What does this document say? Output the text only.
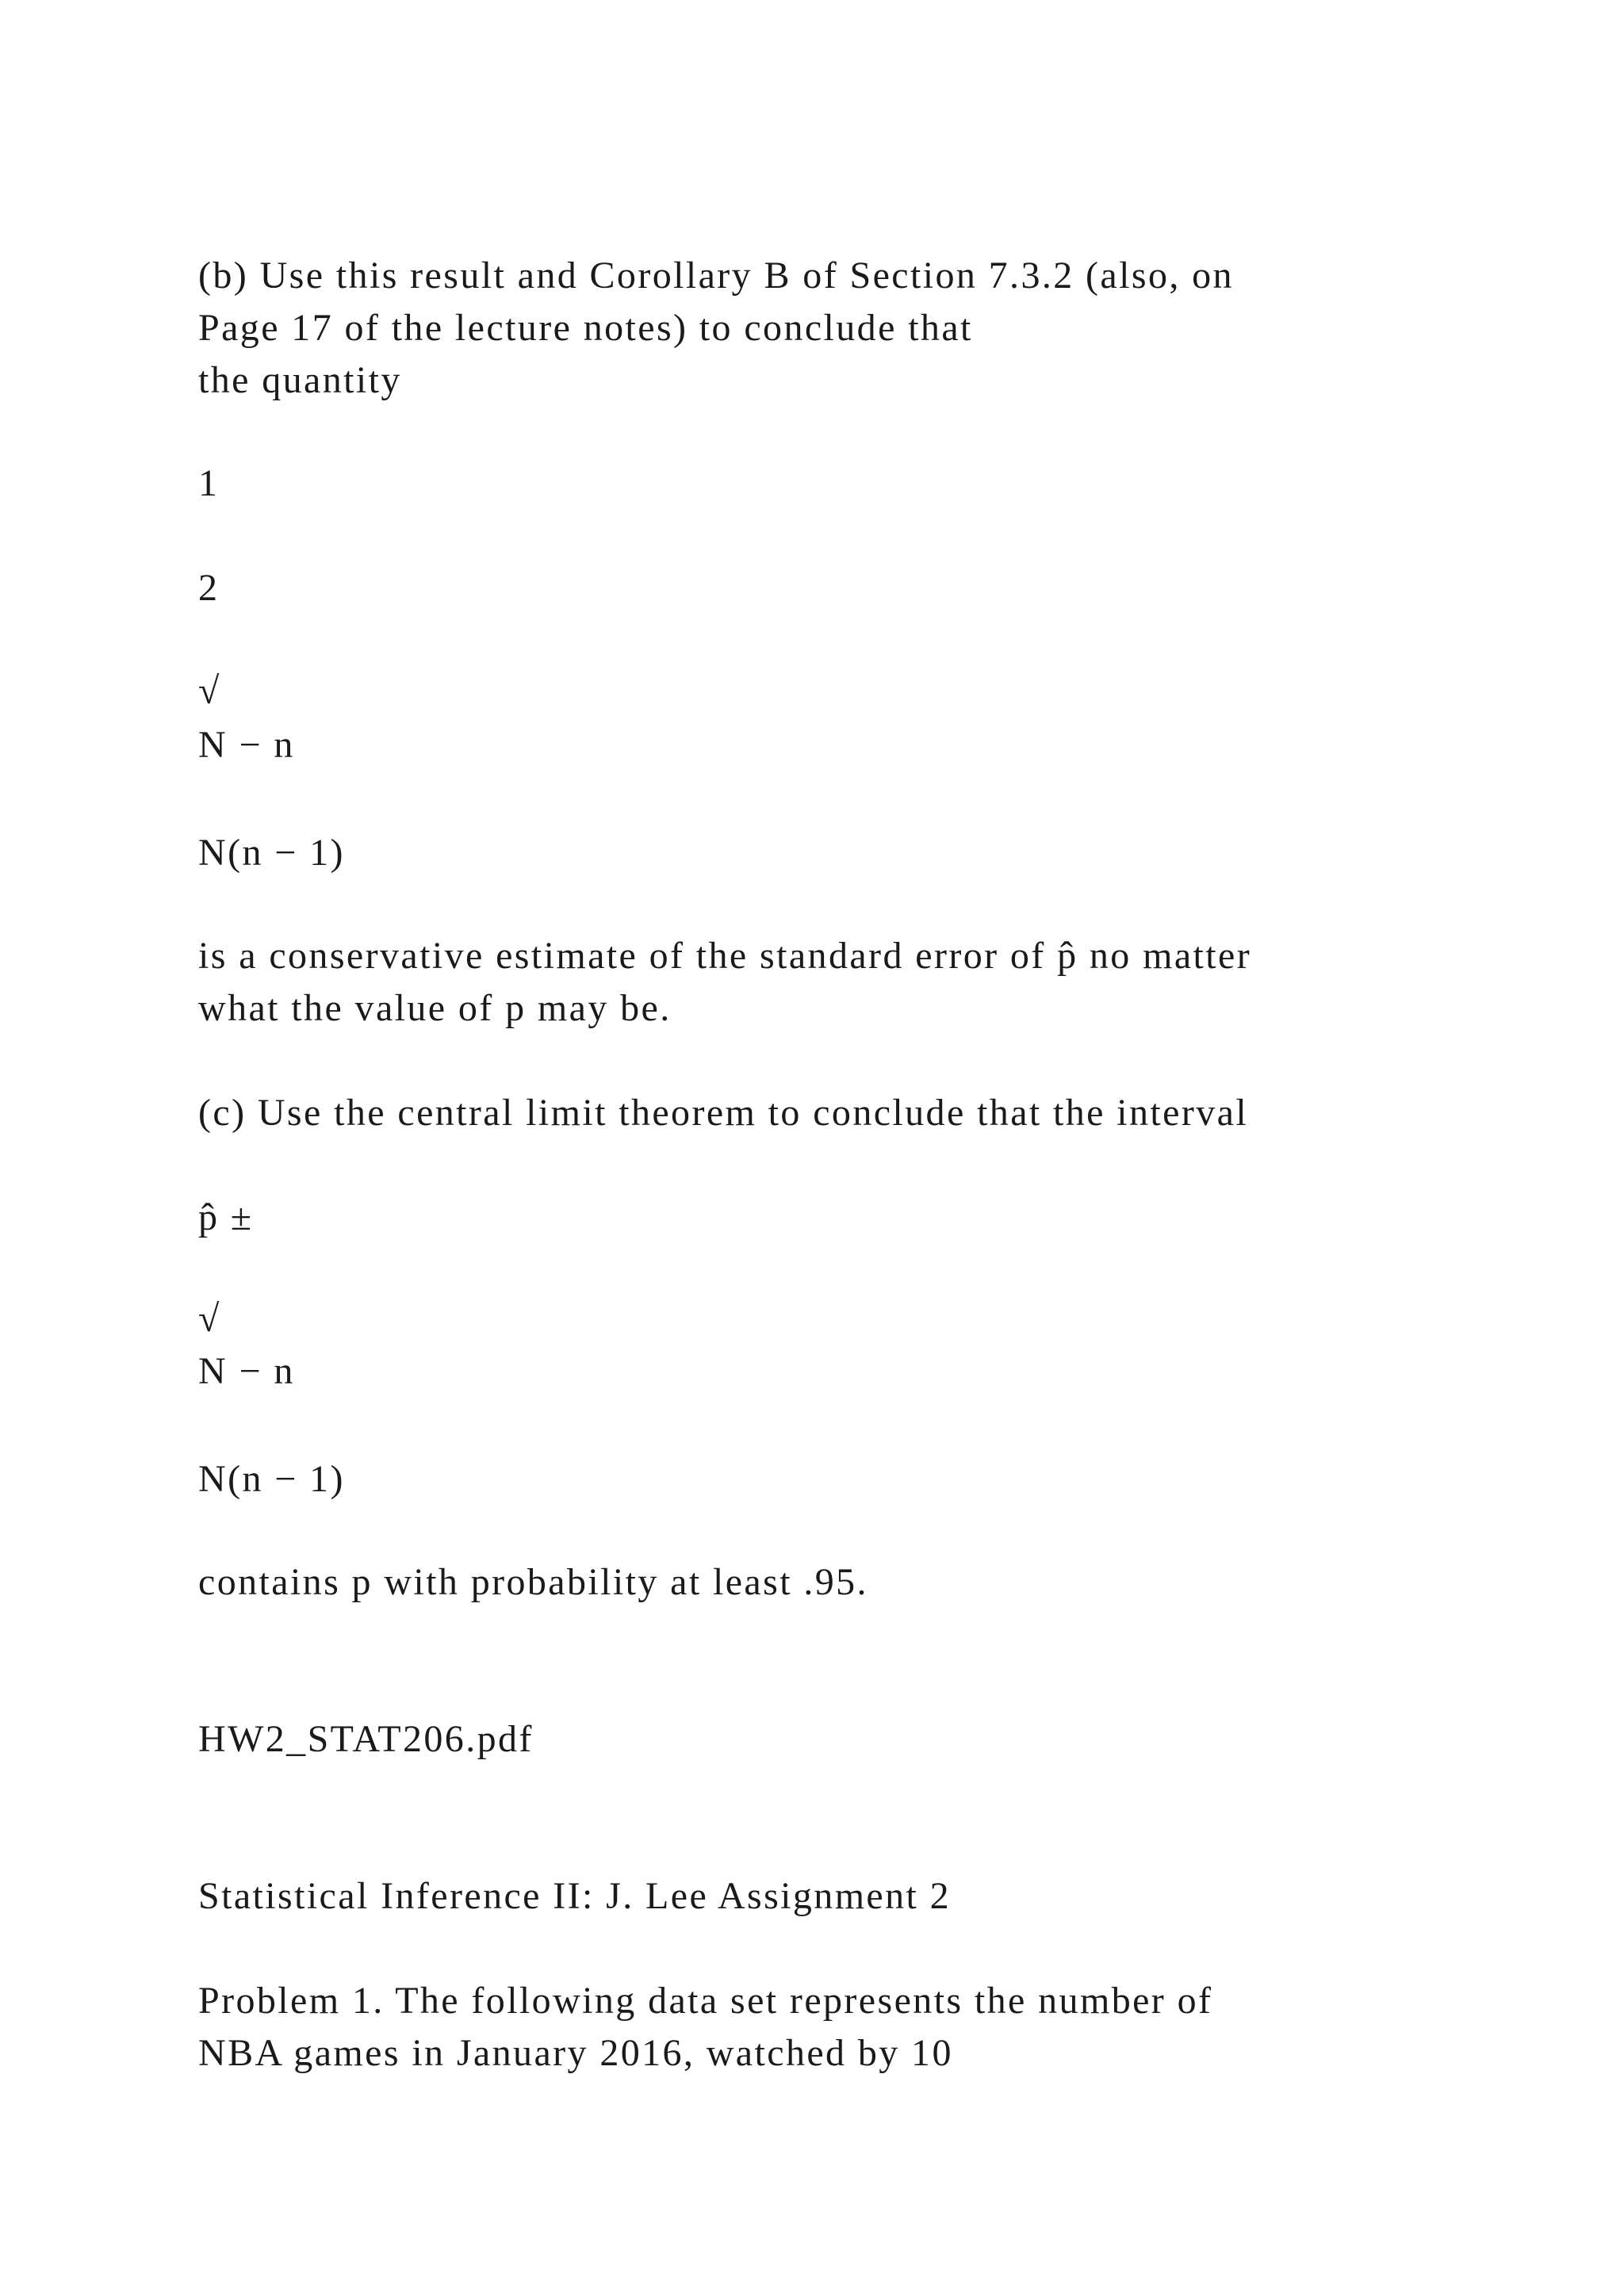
(b) Use this result and Corollary B of Section 7.3.2 (also, on

Page 17 of the lecture notes) to conclude that

the quantity

1

2

√

N − n

N(n − 1)

is a conservative estimate of the standard error of p̂ no matter

what the value of p may be.

(c) Use the central limit theorem to conclude that the interval

p̂ ±

√

N − n

N(n − 1)

contains p with probability at least .95.

HW2_STAT206.pdf

Statistical Inference II: J. Lee Assignment 2

Problem 1. The following data set represents the number of

NBA games in January 2016, watched by 10
